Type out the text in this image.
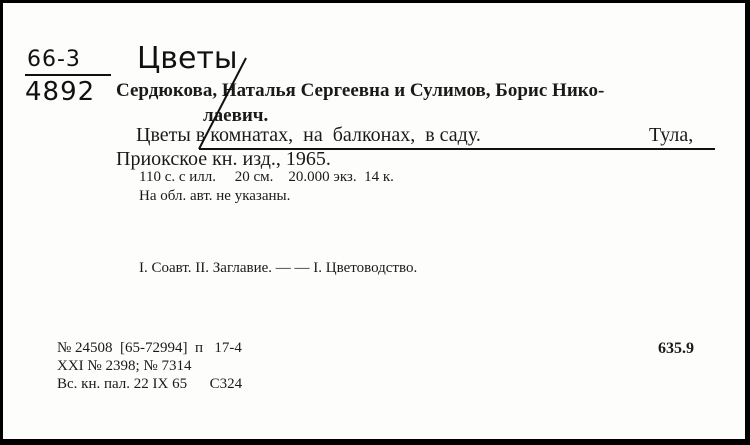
66-3
4892
Цветы
Сердюкова, Наталья Сергеевна и Сулимов, Борис Нико-
лаевич.
Цветы в комнатах,  на  балконах,  в саду.	Тула,
Приокское кн. изд., 1965.
110 с. с илл.     20 см.    20.000 экз.  14 к.
На обл. авт. не указаны.
I. Соавт. II. Заглавие. — — I. Цветоводство.
№ 24508  [65-72994]  п   17-4
XXI № 2398; № 7314
Вс. кн. пал. 22 IX 65      С324
635.9
